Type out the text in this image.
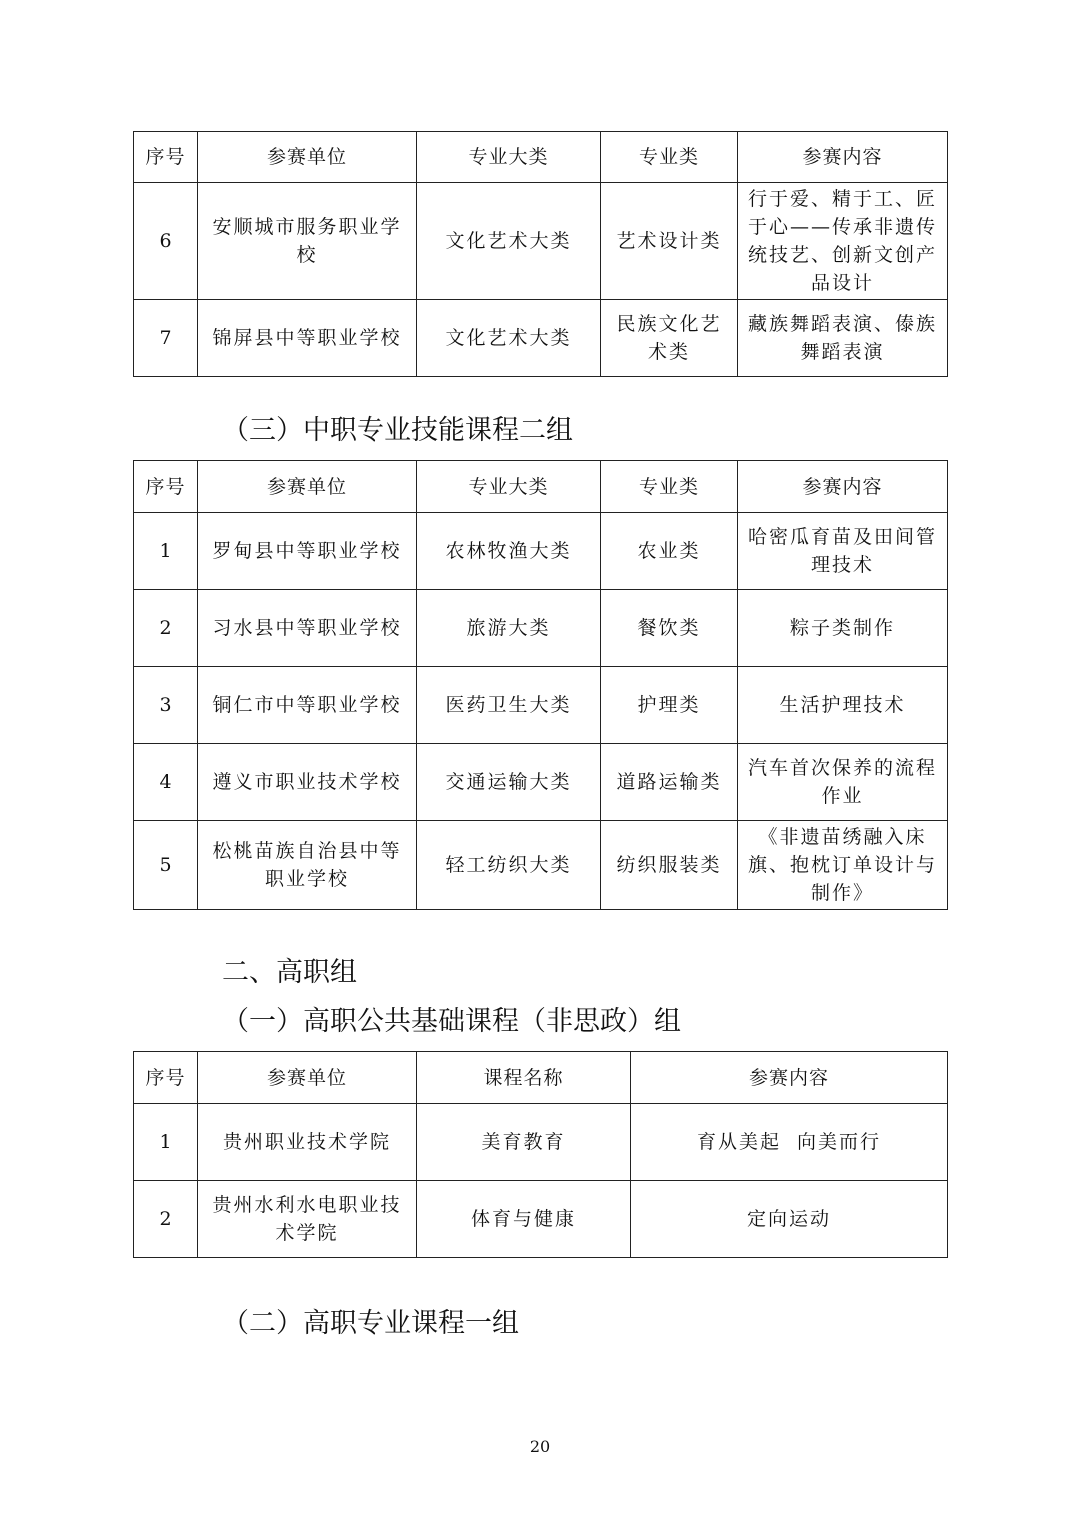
序号	参赛单位	专业大类	专业类	参赛内容
6	安顺城市服务职业学校	文化艺术大类	艺术设计类	行于爱、精于工、匠于心——传承非遗传统技艺、创新文创产品设计
7	锦屏县中等职业学校	文化艺术大类	民族文化艺术类	藏族舞蹈表演、傣族舞蹈表演
（三）中职专业技能课程二组
序号	参赛单位	专业大类	专业类	参赛内容
1	罗甸县中等职业学校	农林牧渔大类	农业类	哈密瓜育苗及田间管理技术
2	习水县中等职业学校	旅游大类	餐饮类	粽子类制作
3	铜仁市中等职业学校	医药卫生大类	护理类	生活护理技术
4	遵义市职业技术学校	交通运输大类	道路运输类	汽车首次保养的流程作业
5	松桃苗族自治县中等职业学校	轻工纺织大类	纺织服装类	《非遗苗绣融入床旗、抱枕订单设计与制作》
二、高职组
（一）高职公共基础课程（非思政）组
序号	参赛单位	课程名称	参赛内容
1	贵州职业技术学院	美育教育	育从美起  向美而行
2	贵州水利水电职业技术学院	体育与健康	定向运动
（二）高职专业课程一组
20
